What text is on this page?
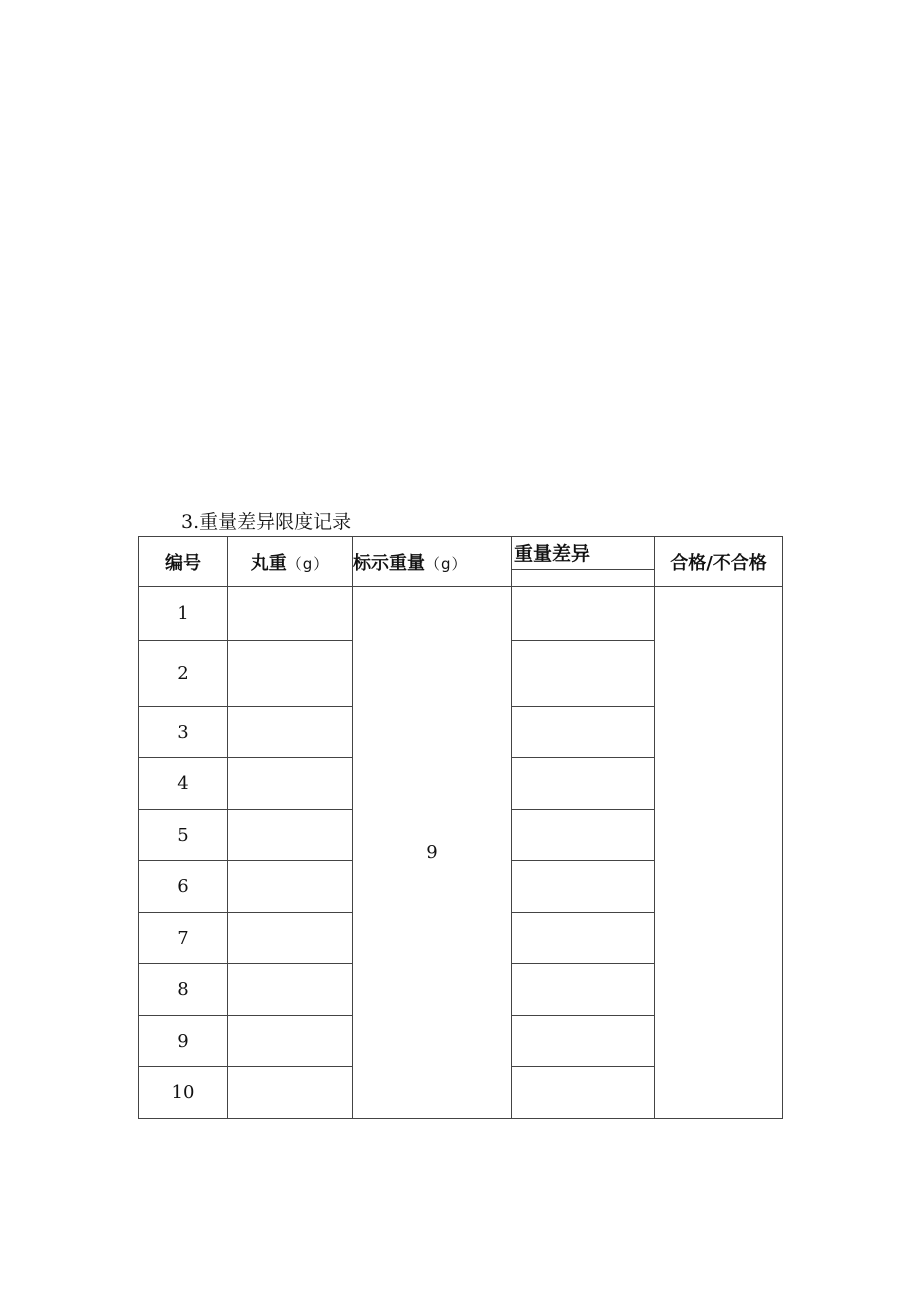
3.重量差异限度记录
编号	丸重（g）	标示重量（g）	重量差异	合格/不合格
1		9		
2				
3				
4				
5				
6				
7				
8				
9				
10				
